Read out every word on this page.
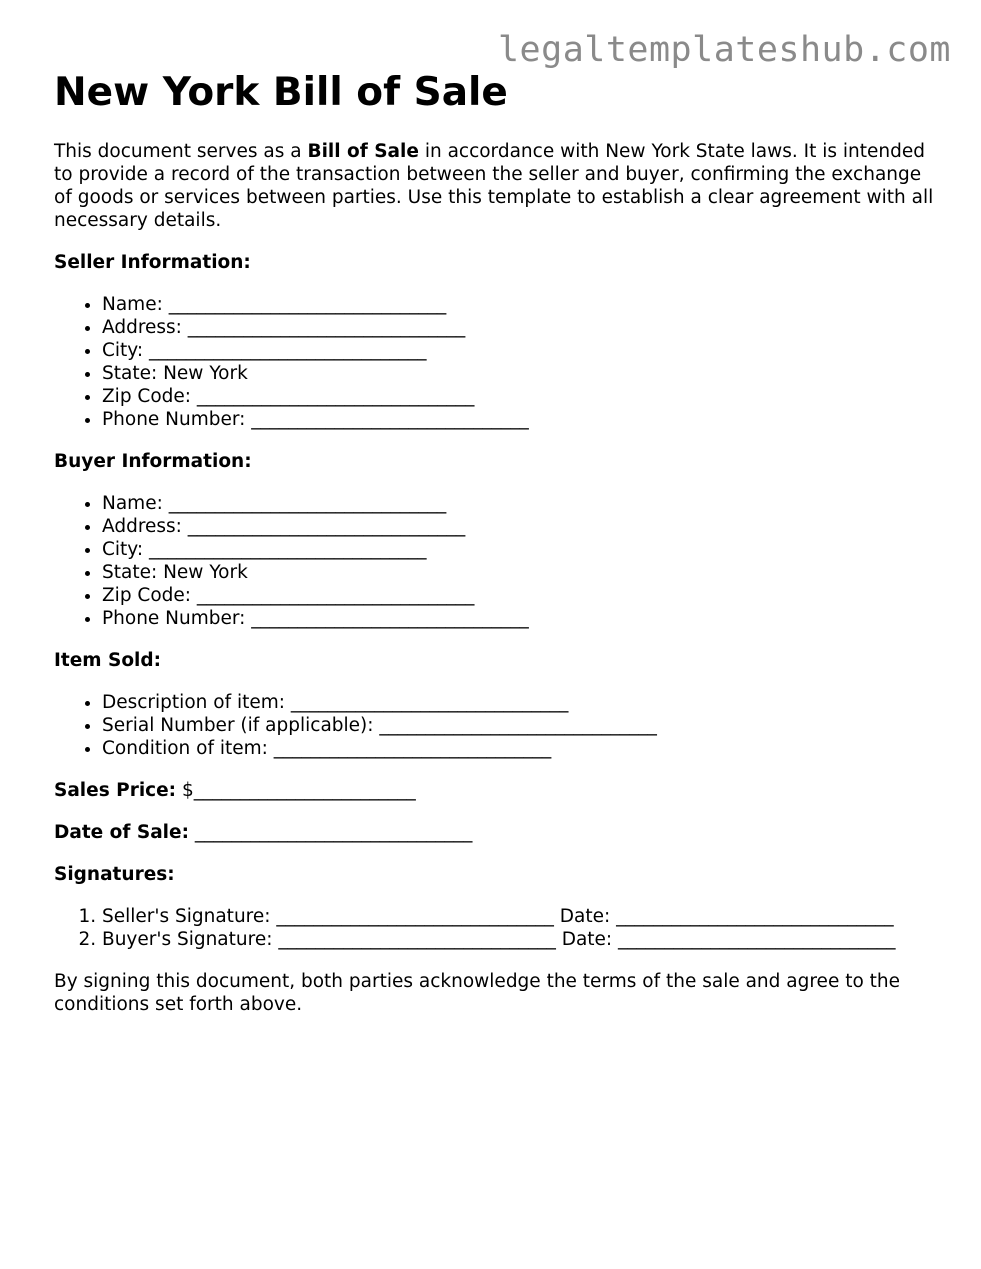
legaltemplateshub.com
New York Bill of Sale

This document serves as a Bill of Sale in accordance with New York State laws. It is intended to provide a record of the transaction between the seller and buyer, confirming the exchange of goods or services between parties. Use this template to establish a clear agreement with all necessary details.

Seller Information:

• Name: ______________________________
• Address: ______________________________
• City: ______________________________
• State: New York
• Zip Code: ______________________________
• Phone Number: ______________________________

Buyer Information:

• Name: ______________________________
• Address: ______________________________
• City: ______________________________
• State: New York
• Zip Code: ______________________________
• Phone Number: ______________________________

Item Sold:

• Description of item: ______________________________
• Serial Number (if applicable): ______________________________
• Condition of item: ______________________________

Sales Price: $________________________

Date of Sale: ______________________________

Signatures:

1. Seller's Signature: ______________________________ Date: ______________________________
2. Buyer's Signature: ______________________________ Date: ______________________________

By signing this document, both parties acknowledge the terms of the sale and agree to the conditions set forth above.
